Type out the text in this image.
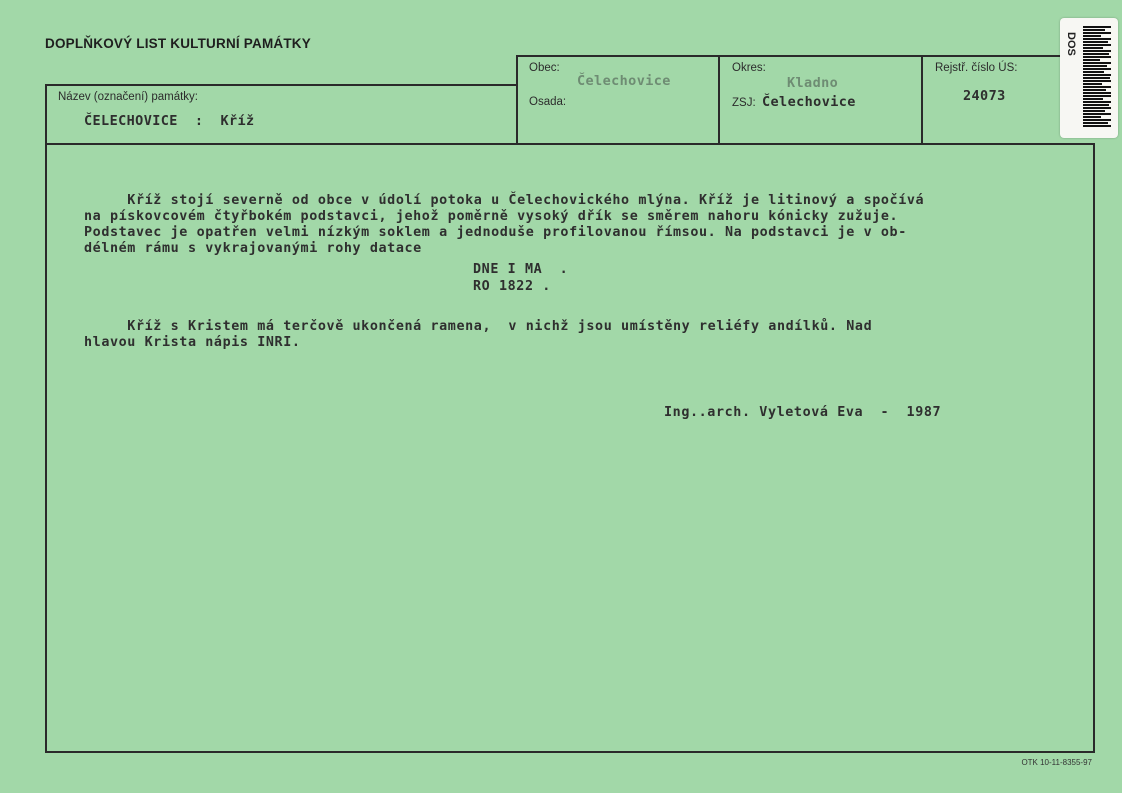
DOPLŇKOVÝ LIST KULTURNÍ PAMÁTKY
Název (označení) památky:
ČELECHOVICE  :  Kříž
Obec:
Čelechovice
Osada:
Okres:
Kladno
ZSJ: Čelechovice
Rejstř. číslo ÚS:
24073
Kříž stojí severně od obce v údolí potoka u Čelechovického mlýna. Kříž je litinový a spočívá
na pískovcovém čtyřbokém podstavci, jehož poměrně vysoký dřík se směrem nahoru kónicky zužuje.
Podstavec je opatřen velmi nízkým soklem a jednoduše profilovanou římsou. Na podstavci je v ob-
délném rámu s vykrajovanými rohy datace
DNE I MA  .
RO 1822 .
Kříž s Kristem má terčově ukončená ramena,  v nichž jsou umístěny reliéfy andílků. Nad
hlavou Krista nápis INRI.
Ing..arch. Vyletová Eva  -  1987
OTK 10-11-8355-97
DOS
